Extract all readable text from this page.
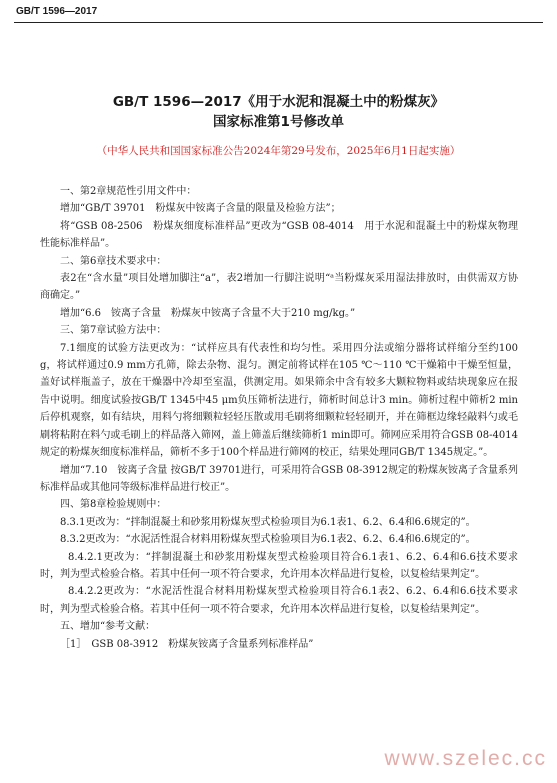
GB/T 1596—2017
GB/T 1596—2017《用于水泥和混凝土中的粉煤灰》
国家标准第1号修改单
（中华人民共和国国家标准公告2024年第29号发布，2025年6月1日起实施）

一、第2章规范性引用文件中：

增加“GB/T 39701　粉煤灰中铵离子含量的限量及检验方法”；

将“GSB 08-2506　粉煤灰细度标准样品”更改为“GSB 08-4014　用于水泥和混凝土中的粉煤灰物理性能标准样品”。

二、第6章技术要求中：

表2在“含水量”项目处增加脚注“a”，表2增加一行脚注说明“ᵃ当粉煤灰采用湿法排放时，由供需双方协商确定。”

增加“6.6　铵离子含量　粉煤灰中铵离子含量不大于210 mg/kg。”

三、第7章试验方法中：

7.1细度的试验方法更改为：“试样应具有代表性和均匀性。采用四分法或缩分器将试样缩分至约100 g，将试样通过0.9 mm方孔筛，除去杂物、混匀。测定前将试样在105 ℃～110 ℃干燥箱中干燥至恒量，盖好试样瓶盖子，放在干燥器中冷却至室温，供测定用。如果筛余中含有较多大颗粒物料或结块现象应在报告中说明。细度试验按GB/T 1345中45 μm负压筛析法进行，筛析时间总计3 min。筛析过程中筛析2 min后停机观察，如有结块，用料勺将细颗粒轻轻压散或用毛刷将细颗粒轻轻刷开，并在筛框边缘轻敲料勺或毛刷将粘附在料勺或毛刷上的样品落入筛网，盖上筛盖后继续筛析1 min即可。筛网应采用符合GSB 08-4014规定的粉煤灰细度标准样品，筛析不多于100个样品进行筛网的校正，结果处理同GB/T 1345规定。”。

增加“7.10　铵离子含量 按GB/T 39701进行，可采用符合GSB 08-3912规定的粉煤灰铵离子含量系列标准样品或其他同等级标准样品进行校正”。

四、第8章检验规则中：

8.3.1更改为：“拌制混凝土和砂浆用粉煤灰型式检验项目为6.1表1、6.2、6.4和6.6规定的”。

8.3.2更改为：“水泥活性混合材料用粉煤灰型式检验项目为6.1表2、6.2、6.4和6.6规定的”。

8.4.2.1更改为：“拌制混凝土和砂浆用粉煤灰型式检验项目符合6.1表1、6.2、6.4和6.6技术要求时，判为型式检验合格。若其中任何一项不符合要求，允许用本次样品进行复检，以复检结果判定”。

8.4.2.2更改为：“水泥活性混合材料用粉煤灰型式检验项目符合6.1表2、6.2、6.4和6.6技术要求时，判为型式检验合格。若其中任何一项不符合要求，允许用本次样品进行复检，以复检结果判定”。

五、增加“参考文献：

［1］　GSB 08-3912　粉煤灰铵离子含量系列标准样品”

www.szelec.cc
